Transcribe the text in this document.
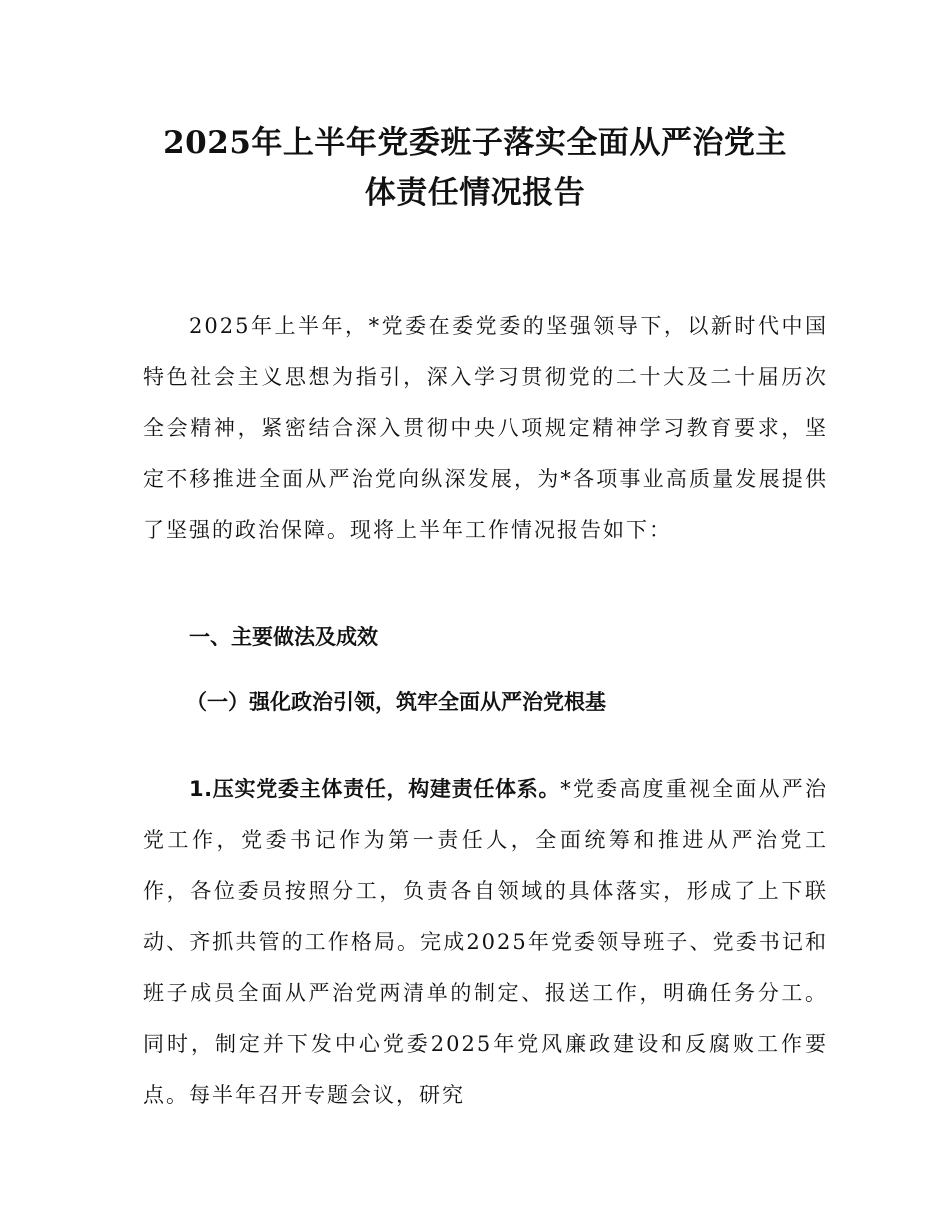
2025年上半年党委班子落实全面从严治党主
体责任情况报告

2025年上半年，*党委在委党委的坚强领导下，以新时代中国特色社会主义思想为指引，深入学习贯彻党的二十大及二十届历次全会精神，紧密结合深入贯彻中央八项规定精神学习教育要求，坚定不移推进全面从严治党向纵深发展，为*各项事业高质量发展提供了坚强的政治保障。现将上半年工作情况报告如下：

一、主要做法及成效
（一）强化政治引领，筑牢全面从严治党根基

1.压实党委主体责任，构建责任体系。*党委高度重视全面从严治党工作，党委书记作为第一责任人，全面统筹和推进从严治党工作，各位委员按照分工，负责各自领域的具体落实，形成了上下联动、齐抓共管的工作格局。完成2025年党委领导班子、党委书记和班子成员全面从严治党两清单的制定、报送工作，明确任务分工。同时，制定并下发中心党委2025年党风廉政建设和反腐败工作要点。每半年召开专题会议，研究
